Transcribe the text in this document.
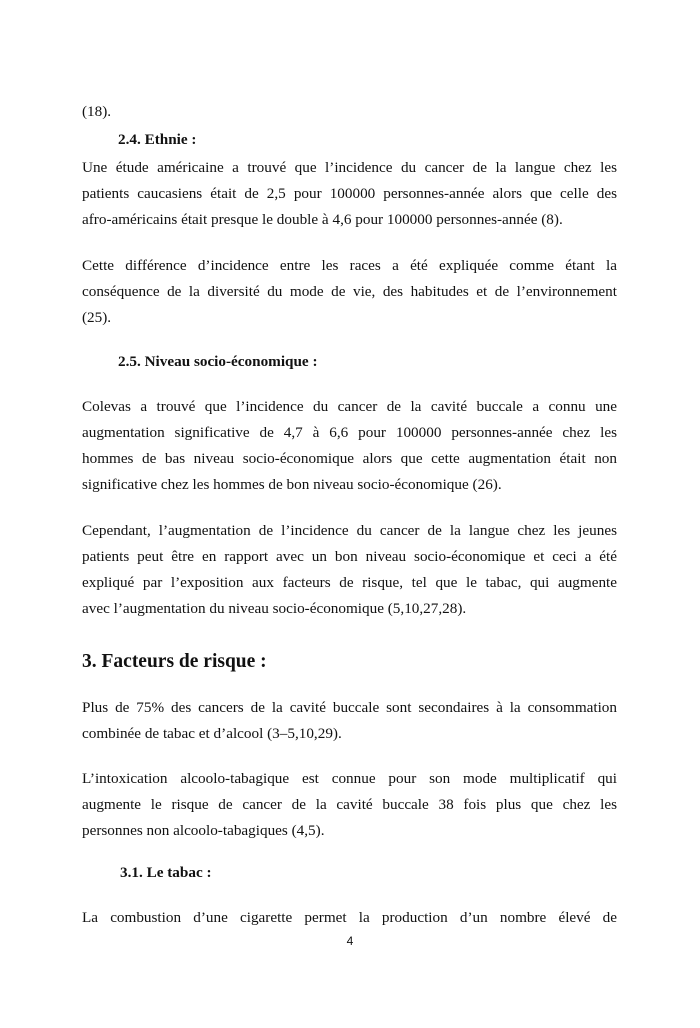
(18).

2.4. Ethnie :

Une étude américaine a trouvé que l’incidence du cancer de la langue chez les
patients caucasiens était de 2,5 pour 100000 personnes-année alors que celle des
afro-américains était presque le double à 4,6 pour 100000 personnes-année (8).

Cette différence d’incidence entre les races a été expliquée comme étant la
conséquence de la diversité du mode de vie, des habitudes et de l’environnement
(25).

2.5. Niveau socio-économique :

Colevas a trouvé que l’incidence du cancer de la cavité buccale a connu une
augmentation significative de 4,7 à 6,6 pour 100000 personnes-année chez les
hommes de bas niveau socio-économique alors que cette augmentation était non
significative chez les hommes de bon niveau socio-économique (26).

Cependant, l’augmentation de l’incidence du cancer de la langue chez les jeunes
patients peut être en rapport avec un bon niveau socio-économique et ceci a été
expliqué par l’exposition aux facteurs de risque, tel que le tabac, qui augmente
avec l’augmentation du niveau socio-économique (5,10,27,28).

3. Facteurs de risque :

Plus de 75% des cancers de la cavité buccale sont secondaires à la consommation
combinée de tabac et d’alcool (3–5,10,29).

L’intoxication alcoolo-tabagique est connue pour son mode multiplicatif qui
augmente le risque de cancer de la cavité buccale 38 fois plus que chez les
personnes non alcoolo-tabagiques (4,5).

3.1. Le tabac :

La combustion d’une cigarette permet la production d’un nombre élevé de

4
